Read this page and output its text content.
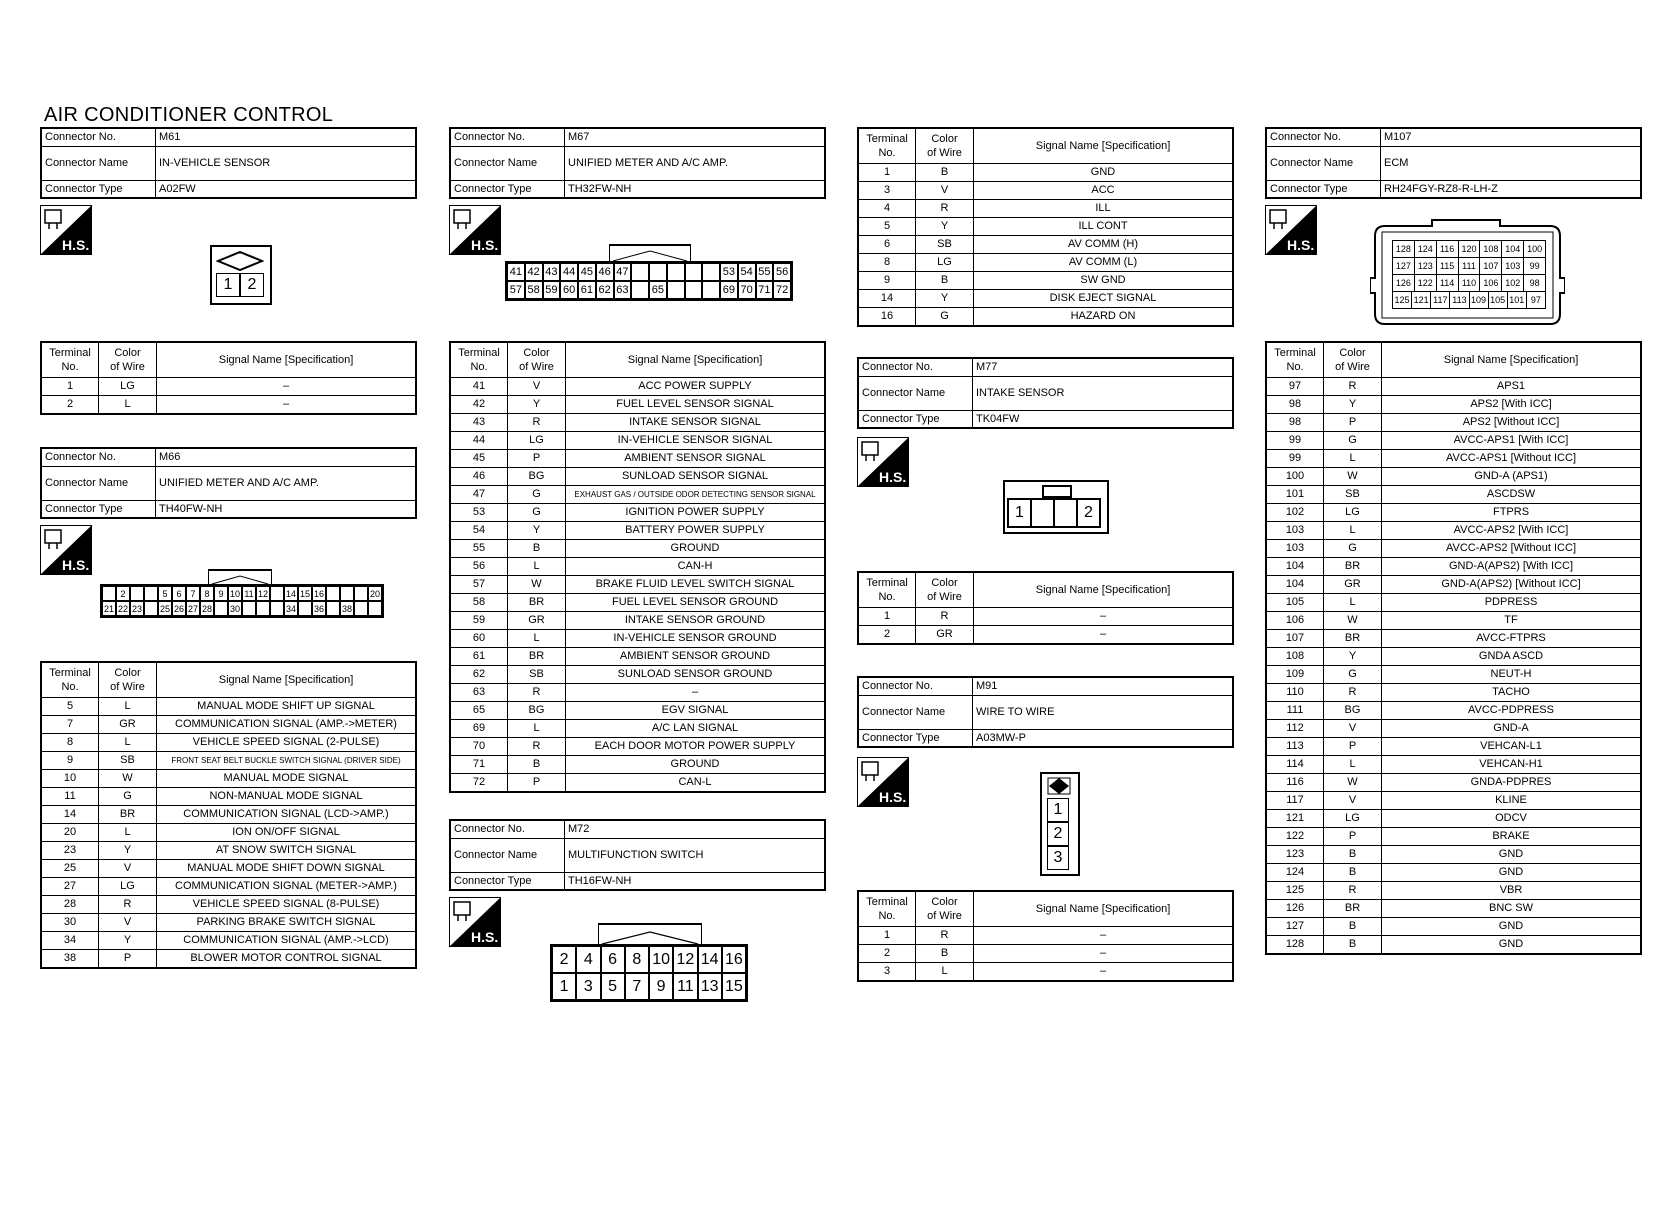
AIR CONDITIONER CONTROL
Connector No.	M61
Connector Name	IN-VEHICLE SENSOR
Connector Type	A02FW
H.S.
1 2
Terminal
No.	Color
of Wire	Signal Name [Specification]
1	LG	–
2	L	–
Connector No.	M66
Connector Name	UNIFIED METER AND A/C AMP.
Connector Type	TH40FW-NH
H.S.
2	5 6 7 8 9 10 11 12 14 15 16	20
21 22 23 25 26 27 28 30	34 36 38
Terminal
No.	Color
of Wire	Signal Name [Specification]
5	L	MANUAL MODE SHIFT UP SIGNAL
7	GR	COMMUNICATION SIGNAL (AMP.->METER)
8	L	VEHICLE SPEED SIGNAL (2-PULSE)
9	SB	FRONT SEAT BELT BUCKLE SWITCH SIGNAL (DRIVER SIDE)
10	W	MANUAL MODE SIGNAL
11	G	NON-MANUAL MODE SIGNAL
14	BR	COMMUNICATION SIGNAL (LCD->AMP.)
20	L	ION ON/OFF SIGNAL
23	Y	AT SNOW SWITCH SIGNAL
25	V	MANUAL MODE SHIFT DOWN SIGNAL
27	LG	COMMUNICATION SIGNAL (METER->AMP.)
28	R	VEHICLE SPEED SIGNAL (8-PULSE)
30	V	PARKING BRAKE SWITCH SIGNAL
34	Y	COMMUNICATION SIGNAL (AMP.->LCD)
38	P	BLOWER MOTOR CONTROL SIGNAL
Connector No.	M67
Connector Name	UNIFIED METER AND A/C AMP.
Connector Type	TH32FW-NH
H.S.
41 42 43 44 45 46 47	53 54 55 56
57 58 59 60 61 62 63 65	69 70 71 72
Terminal
No.	Color
of Wire	Signal Name [Specification]
41	V	ACC POWER SUPPLY
42	Y	FUEL LEVEL SENSOR SIGNAL
43	R	INTAKE SENSOR SIGNAL
44	LG	IN-VEHICLE SENSOR SIGNAL
45	P	AMBIENT SENSOR SIGNAL
46	BG	SUNLOAD SENSOR SIGNAL
47	G	EXHAUST GAS / OUTSIDE ODOR DETECTING SENSOR SIGNAL
53	G	IGNITION POWER SUPPLY
54	Y	BATTERY POWER SUPPLY
55	B	GROUND
56	L	CAN-H
57	W	BRAKE FLUID LEVEL SWITCH SIGNAL
58	BR	FUEL LEVEL SENSOR GROUND
59	GR	INTAKE SENSOR GROUND
60	L	IN-VEHICLE SENSOR GROUND
61	BR	AMBIENT SENSOR GROUND
62	SB	SUNLOAD SENSOR GROUND
63	R	–
65	BG	EGV SIGNAL
69	L	A/C LAN SIGNAL
70	R	EACH DOOR MOTOR POWER SUPPLY
71	B	GROUND
72	P	CAN-L
Connector No.	M72
Connector Name	MULTIFUNCTION SWITCH
Connector Type	TH16FW-NH
H.S.
2 4 6 8 10 12 14 16
1 3 5 7 9 11 13 15
Terminal
No.	Color
of Wire	Signal Name [Specification]
1	B	GND
3	V	ACC
4	R	ILL
5	Y	ILL CONT
6	SB	AV COMM (H)
8	LG	AV COMM (L)
9	B	SW GND
14	Y	DISK EJECT SIGNAL
16	G	HAZARD ON
Connector No.	M77
Connector Name	INTAKE SENSOR
Connector Type	TK04FW
H.S.
1	2
Terminal
No.	Color
of Wire	Signal Name [Specification]
1	R	–
2	GR	–
Connector No.	M91
Connector Name	WIRE TO WIRE
Connector Type	A03MW-P
H.S.
1
2
3
Terminal
No.	Color
of Wire	Signal Name [Specification]
1	R	–
2	B	–
3	L	–
Connector No.	M107
Connector Name	ECM
Connector Type	RH24FGY-RZ8-R-LH-Z
H.S.	128 124 116 120 108 104 100
127 123 115 111 107 103	99
126 122 114 110 106 102	98
125 121 117 113 109 105 101 97
Terminal
No.	Color
of Wire	Signal Name [Specification]
97	R	APS1
98	Y	APS2 [With ICC]
98	P	APS2 [Without ICC]
99	G	AVCC-APS1 [With ICC]
99	L	AVCC-APS1 [Without ICC]
100	W	GND-A (APS1)
101	SB	ASCDSW
102	LG	FTPRS
103	L	AVCC-APS2 [With ICC]
103	G	AVCC-APS2 [Without ICC]
104	BR	GND-A(APS2) [With ICC]
104	GR	GND-A(APS2) [Without ICC]
105	L	PDPRESS
106	W	TF
107	BR	AVCC-FTPRS
108	Y	GNDA ASCD
109	G	NEUT-H
110	R	TACHO
111	BG	AVCC-PDPRESS
112	V	GND-A
113	P	VEHCAN-L1
114	L	VEHCAN-H1
116	W	GNDA-PDPRES
117	V	KLINE
121	LG	ODCV
122	P	BRAKE
123	B	GND
124	B	GND
125	R	VBR
126	BR	BNC SW
127	B	GND
128	B	GND
